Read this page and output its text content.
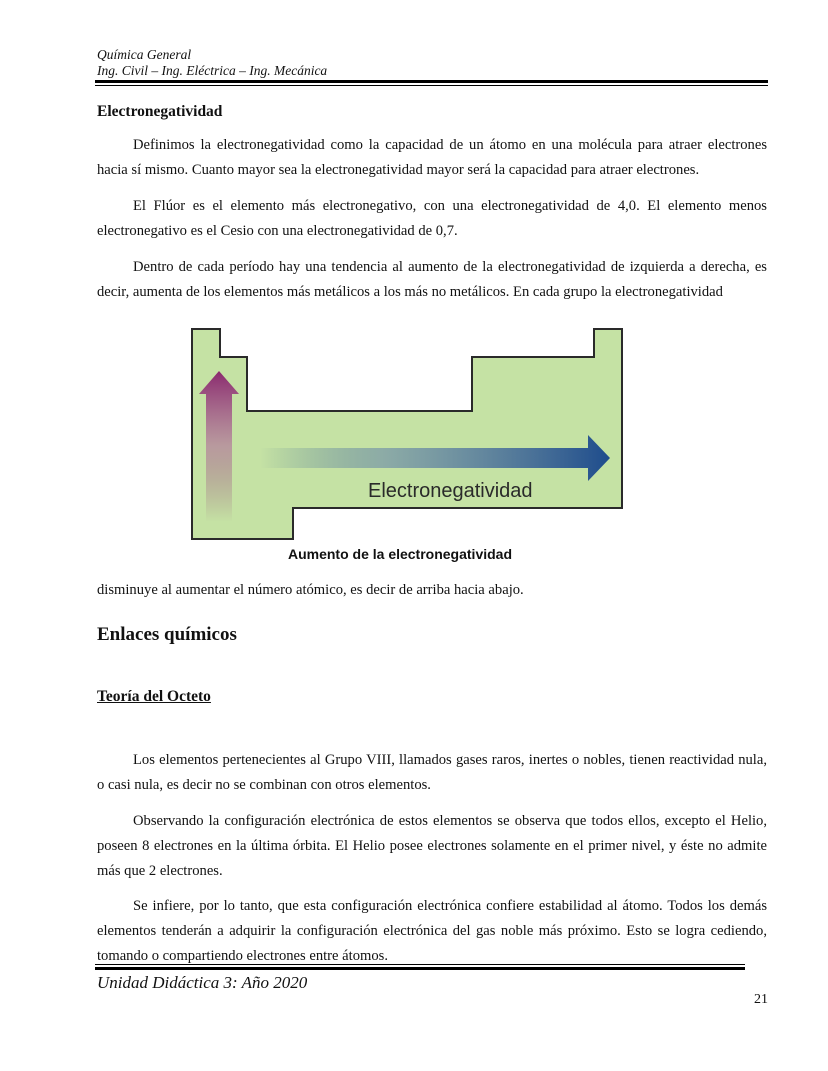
Química General
Ing. Civil – Ing. Eléctrica – Ing. Mecánica
Electronegatividad

Definimos la electronegatividad como la capacidad de un átomo en una molécula para atraer electrones hacia sí mismo. Cuanto mayor sea la electronegatividad mayor será la capacidad para atraer electrones.

El Flúor es el elemento más electronegativo, con una electronegatividad de 4,0. El elemento menos electronegativo es el Cesio con una electronegatividad de 0,7.

Dentro de cada período hay una tendencia al aumento de la electronegatividad de izquierda a derecha, es decir, aumenta de los elementos más metálicos a los más no metálicos. En cada grupo la electronegatividad

Electronegatividad
Aumento de la electronegatividad

disminuye al aumentar el número atómico, es decir de arriba hacia abajo.

Enlaces químicos
Teoría del Octeto

Los elementos pertenecientes al Grupo VIII, llamados gases raros, inertes o nobles, tienen reactividad nula, o casi nula, es decir no se combinan con otros elementos.

Observando la configuración electrónica de estos elementos se observa que todos ellos, excepto el Helio, poseen 8 electrones en la última órbita. El Helio posee electrones solamente en el primer nivel, y éste no admite más que 2 electrones.

Se infiere, por lo tanto, que esta configuración electrónica confiere estabilidad al átomo. Todos los demás elementos tenderán a adquirir la configuración electrónica del gas noble más próximo. Esto se logra cediendo, tomando o compartiendo electrones entre átomos.

Unidad Didáctica 3: Año 2020
21
